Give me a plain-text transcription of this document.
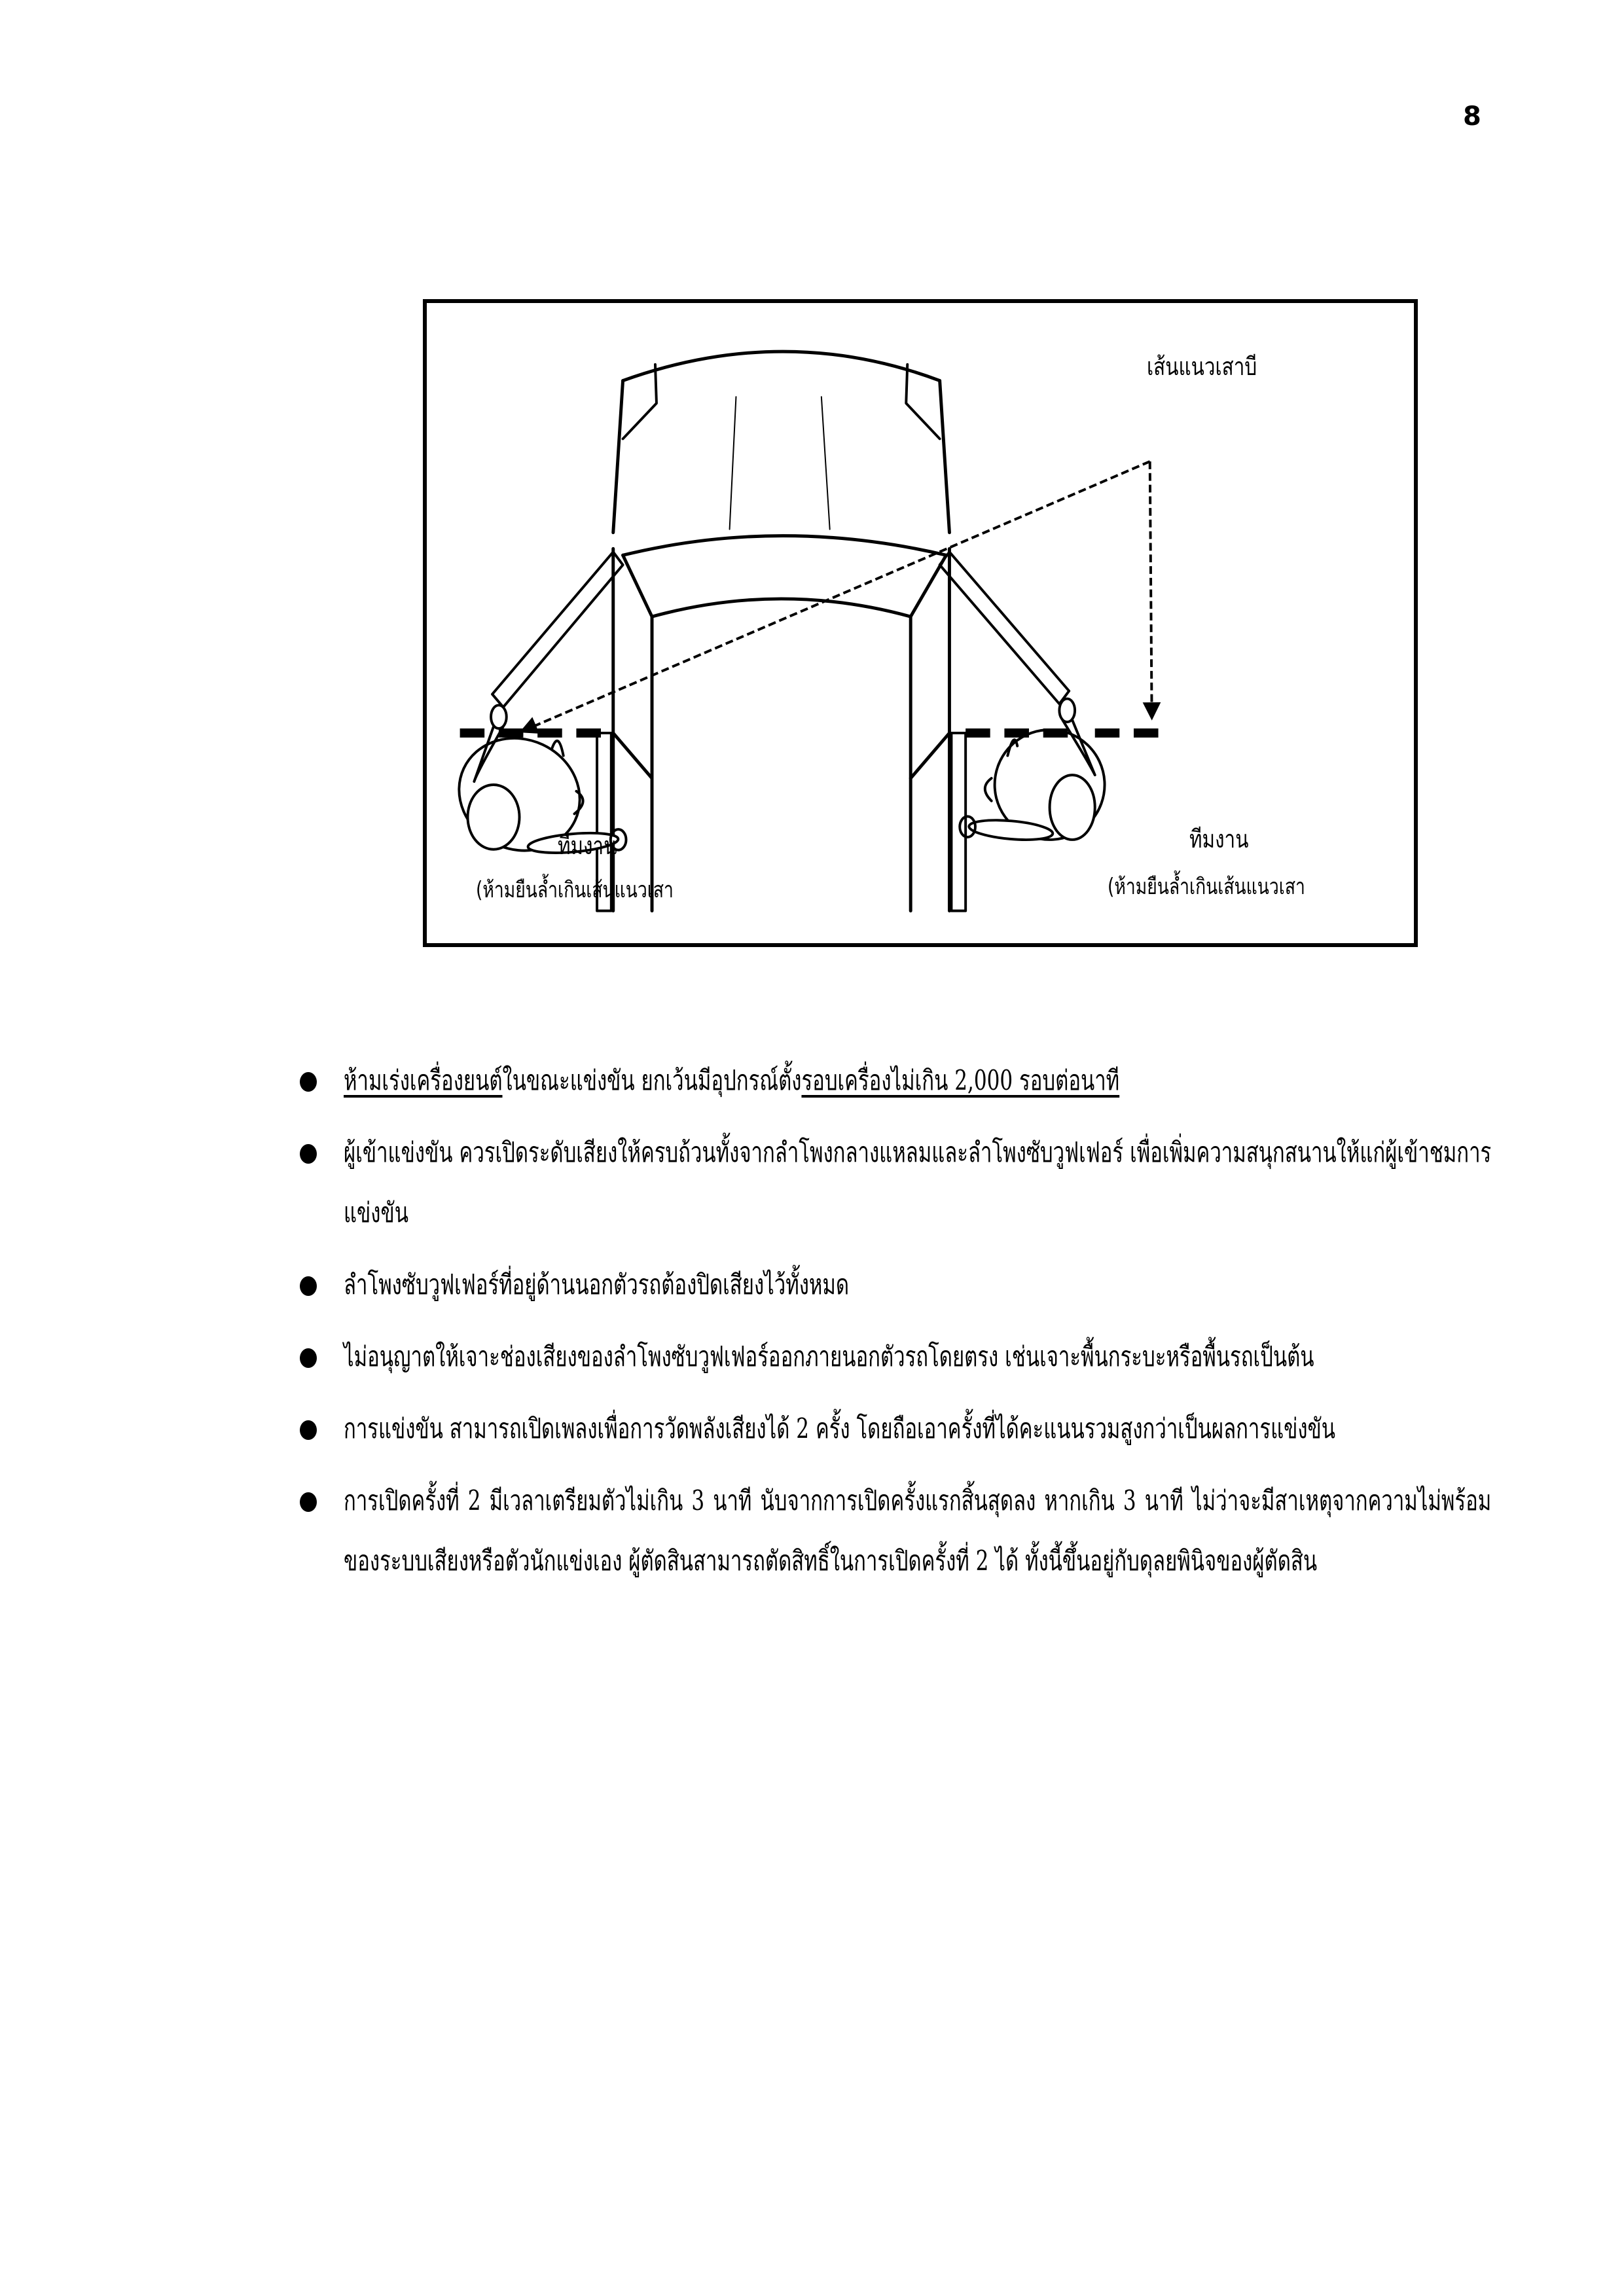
8
เส้นแนวเสาบี
ทีมงาน
(ห้ามยืนล้ำเกินเส้นแนวเสา
ทีมงาน
(ห้ามยืนล้ำเกินเส้นแนวเสา
ห้ามเร่งเครื่องยนต์ในขณะแข่งขัน ยกเว้นมีอุปกรณ์ตั้งรอบเครื่องไม่เกิน 2,000 รอบต่อนาที
ผู้เข้าแข่งขัน ควรเปิดระดับเสียงให้ครบถ้วนทั้งจากลำโพงกลางแหลมและลำโพงซับวูฟเฟอร์ เพื่อเพิ่มความสนุกสนานให้แก่ผู้เข้าชมการแข่งขัน
ลำโพงซับวูฟเฟอร์ที่อยู่ด้านนอกตัวรถต้องปิดเสียงไว้ทั้งหมด
ไม่อนุญาตให้เจาะช่องเสียงของลำโพงซับวูฟเฟอร์ออกภายนอกตัวรถโดยตรง เช่นเจาะพื้นกระบะหรือพื้นรถเป็นต้น
การแข่งขัน สามารถเปิดเพลงเพื่อการวัดพลังเสียงได้ 2 ครั้ง โดยถือเอาครั้งที่ได้คะแนนรวมสูงกว่าเป็นผลการแข่งขัน
การเปิดครั้งที่ 2 มีเวลาเตรียมตัวไม่เกิน 3 นาที นับจากการเปิดครั้งแรกสิ้นสุดลง หากเกิน 3 นาที ไม่ว่าจะมีสาเหตุจากความไม่พร้อมของระบบเสียงหรือตัวนักแข่งเอง ผู้ตัดสินสามารถตัดสิทธิ์ในการเปิดครั้งที่ 2 ได้ ทั้งนี้ขึ้นอยู่กับดุลยพินิจของผู้ตัดสิน
